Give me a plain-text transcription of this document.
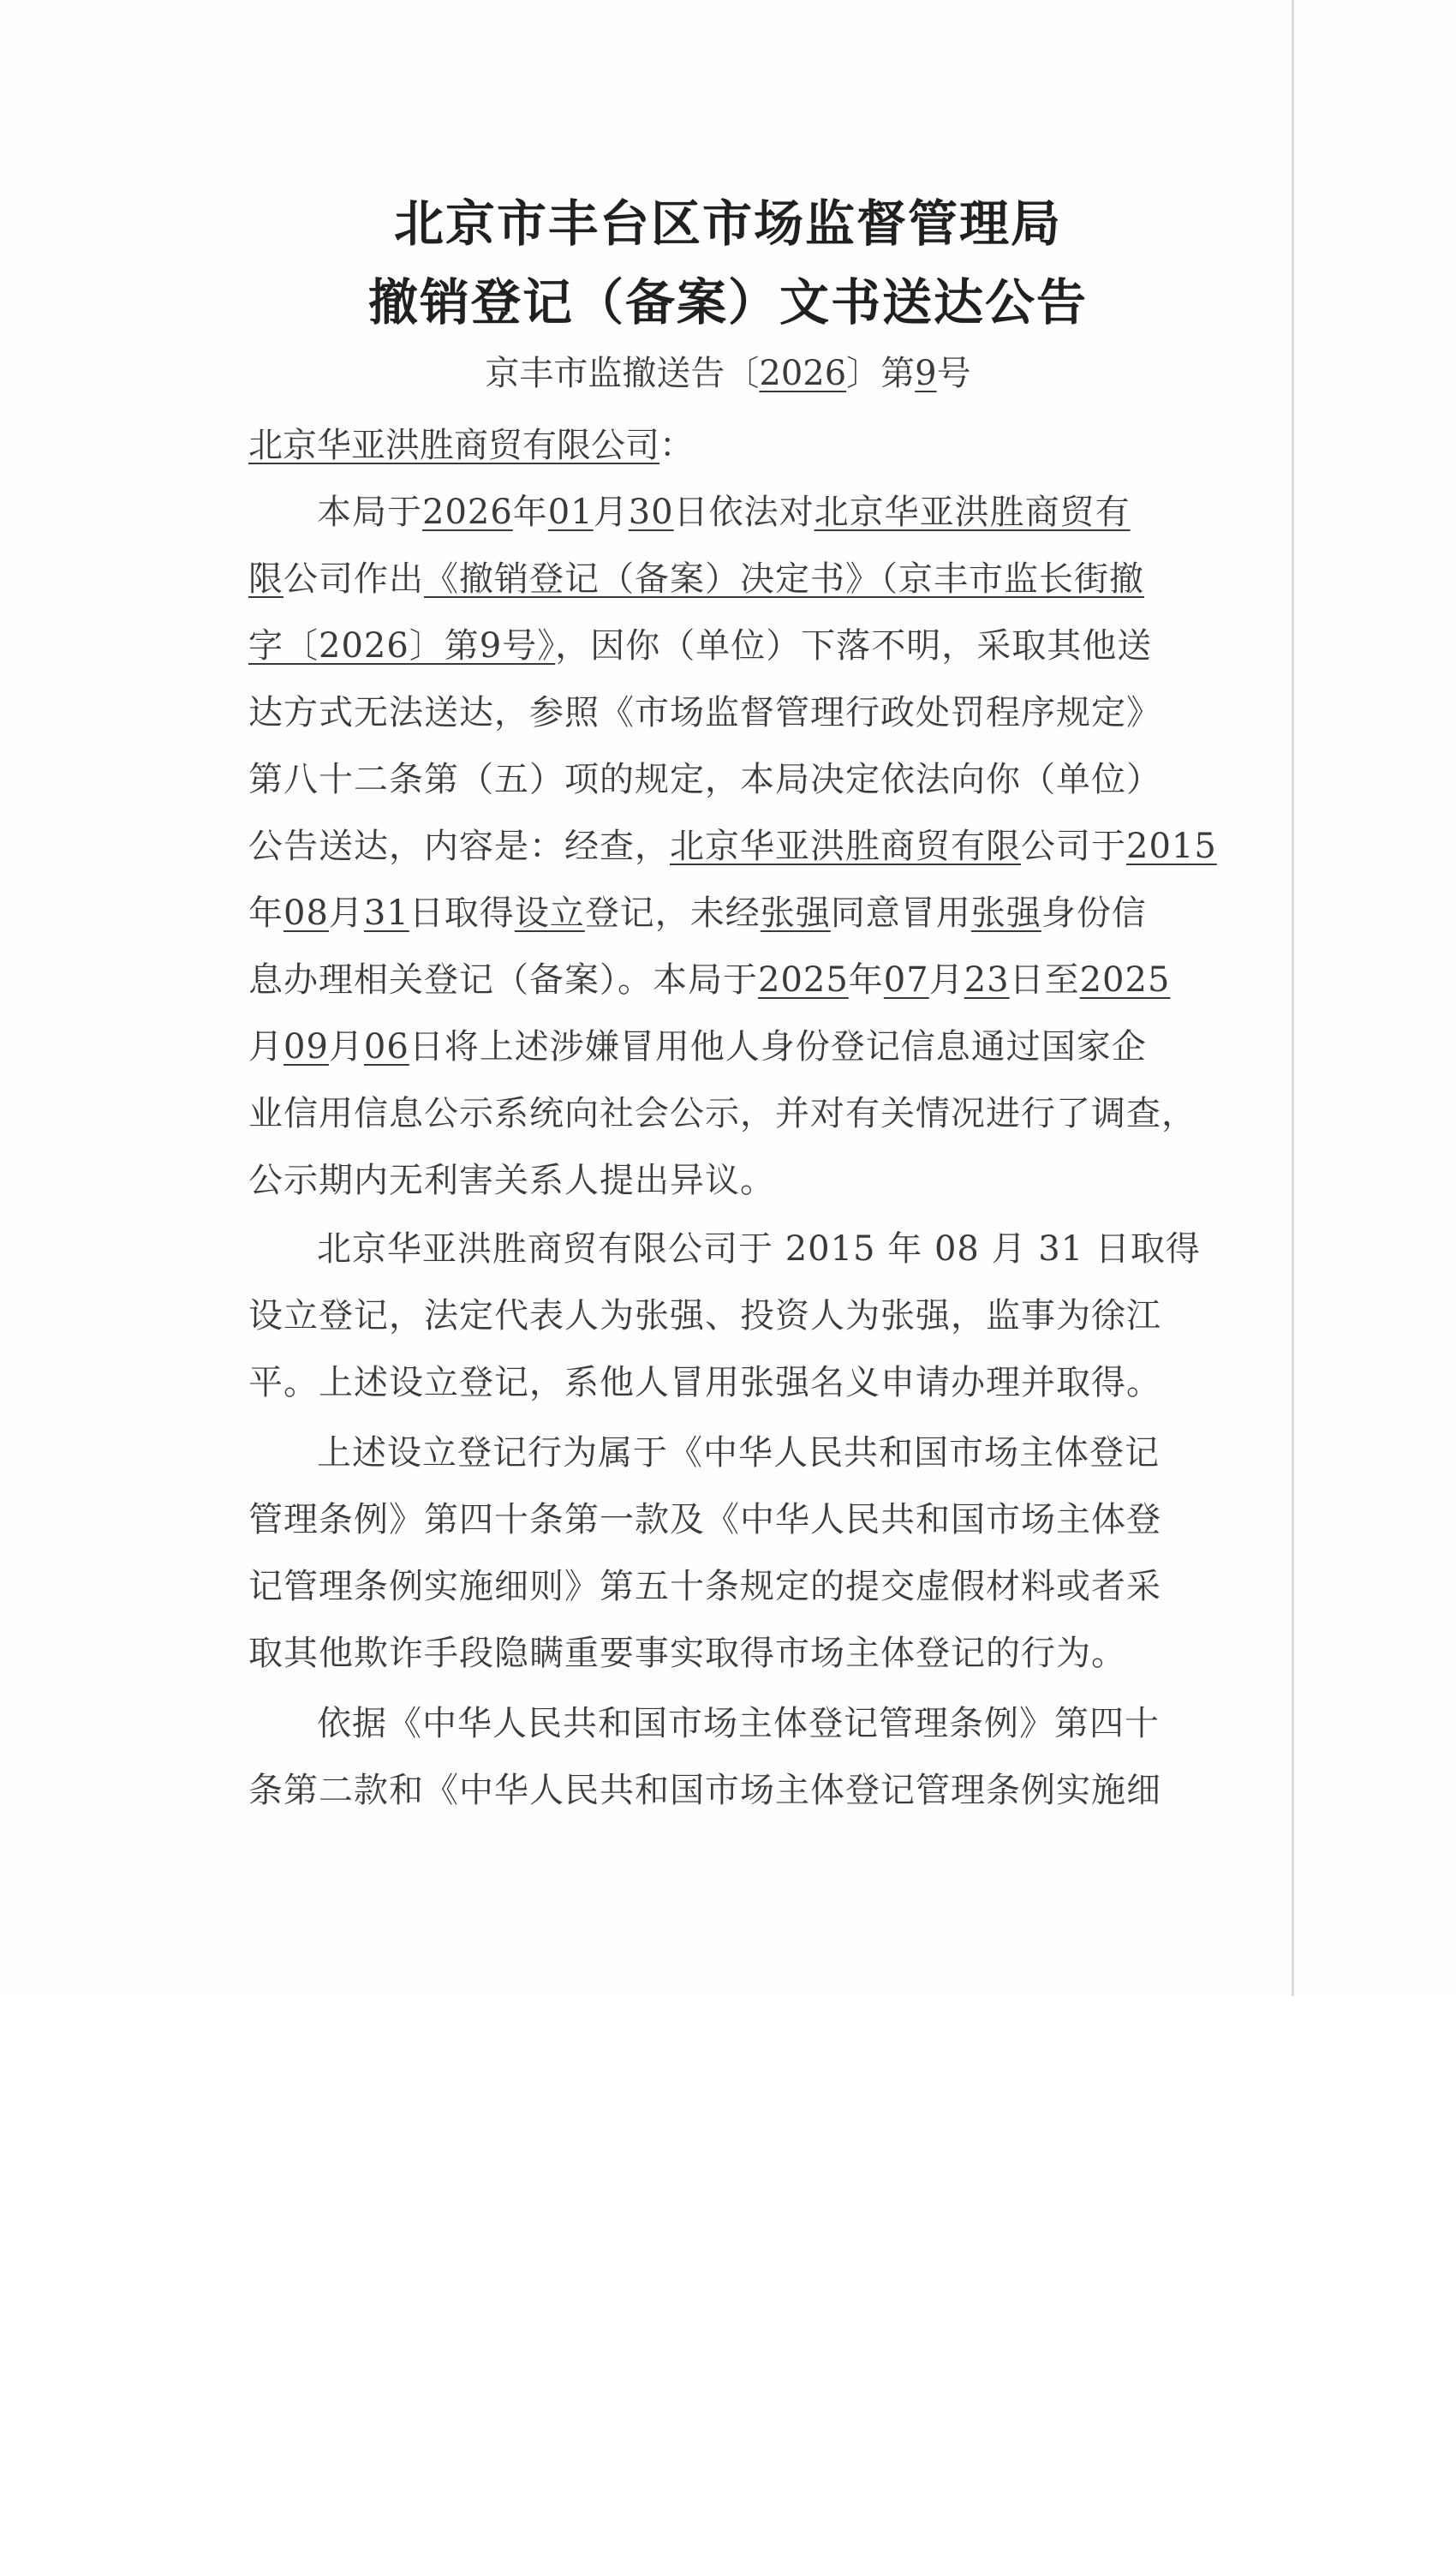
北京市丰台区市场监督管理局
撤销登记（备案）文书送达公告
京丰市监撤送告〔2026〕第9号
北京华亚洪胜商贸有限公司：
本局于2026年01月30日依法对北京华亚洪胜商贸有
限公司作出《撤销登记（备案）决定书》（京丰市监长街撤
字〔2026〕第9号》，因你（单位）下落不明，采取其他送
达方式无法送达，参照《市场监督管理行政处罚程序规定》
第八十二条第（五）项的规定，本局决定依法向你（单位）
公告送达，内容是：经查，北京华亚洪胜商贸有限公司于2015
年08月31日取得设立登记，未经张强同意冒用张强身份信
息办理相关登记（备案）。本局于2025年07月23日至2025
月09月06日将上述涉嫌冒用他人身份登记信息通过国家企
业信用信息公示系统向社会公示，并对有关情况进行了调查，
公示期内无利害关系人提出异议。
北京华亚洪胜商贸有限公司于 2015 年 08 月 31 日取得
设立登记，法定代表人为张强、投资人为张强，监事为徐江
平。上述设立登记，系他人冒用张强名义申请办理并取得。
上述设立登记行为属于《中华人民共和国市场主体登记
管理条例》第四十条第一款及《中华人民共和国市场主体登
记管理条例实施细则》第五十条规定的提交虚假材料或者采
取其他欺诈手段隐瞒重要事实取得市场主体登记的行为。
依据《中华人民共和国市场主体登记管理条例》第四十
条第二款和《中华人民共和国市场主体登记管理条例实施细
